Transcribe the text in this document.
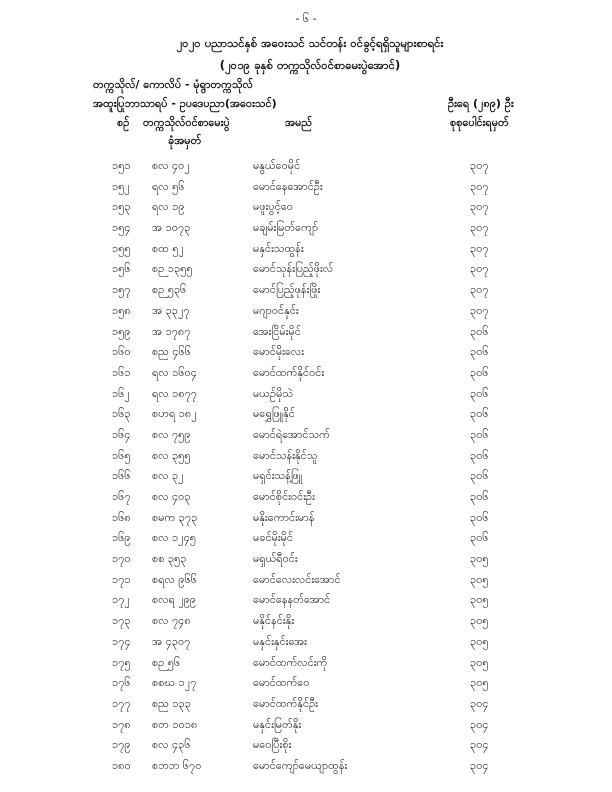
- ၆ -
၂၀၂၀ ပညာသင်နှစ် အဝေးသင် သင်တန်း ဝင်ခွင့်ရရှိသူများစာရင်း
(၂၀၁၉ ခုနှစ် တက္ကသိုလ်ဝင်စာမေးပွဲအောင်)
တက္ကသိုလ်/ ကောလိပ် - မုံရွာတက္ကသိုလ်
အထူးပြုဘာသာရပ် - ဥပဒေပညာ(အဝေးသင်)	ဦးရေ (၂၈၉) ဦး
စဉ် တက္ကသိုလ်ဝင်စာမေးပွဲ
ခုံအမှတ်
အမည်	စုစုပေါင်းရမှတ်
၁၅၁ စလ ၄၀၂	မနွယ်ဝေမိုင်	၃၀၇
၁၅၂ ရလ ၅၆	မောင်နေအောင်ဦး	၃၀၇
၁၅၃ ရလ ၁၉	မဖူးပွင့်ဝေ	၃၀၇
၁၅၄ အ ၁၀၇၃	မချမ်းမြတ်ကျော်	၃၀၇
၁၅၅ စထ ၅၂	မနှင်းသထွန်း	၃၀၇
၁၅၆ စဉ ၁၃၅၅	မောင်သုန်းပြည့်ဖိုးလ်	၃၀၇
၁၅၇ စဉ ၅၃၆	မောင်ပြည့်ဖုန်းဖြိုး	၃၀၇
၁၅၈ အ ၃၃၂၇	မဂျာဝင်နှင်း	၃၀၇
၁၅၉ အ ၁၇၈၇	အေးငြိမ်းမိုင်	၃၀၆
၁၆၀ စည ၄၆၆	မောင်မိုးလေး	၃၀၆
၁၆၁ ရလ ၁၆၀၄	မောင်ထက်နိုင်ဝင်း	၃၀၆
၁၆၂ ရလ ၁၈၇၇	မယဉ်မိုသဲ	၃၀၆
၁၆၃ စဟရ ၁၈၂	မရွှေဖြူနိုင်	၃၀၆
၁၆၄ စလ ၇၅၉	မောင်ရဲအောင်သက်	၃၀၆
၁၆၅ စလ ၃၅၅	မောင်သန်းနိုင်သူ	၃၀၆
၁၆၆ စလ ၃၂	မရှင်းသန့်ဖြူ	၃၀၆
၁၆၇ စလ ၄၀၃	မောင်စိုင်းဝင်းဦး	၃၀၆
၁၆၈ စမက ၃၇၃	မနိုးကောင်းမာန်	၃၀၆
၁၆၉ စလ ၁၂၄၅	မခင်မိုးမိုင်	၃၀၆
၁၇၀ စစ ၃၅၃	မရှယ်ရီဝင်း	၃၀၅
၁၇၁ စရလ ၉၆၆	မောင်လေးလင်းအောင်	၃၀၅
၁၇၂ စလရ ၂၉၉	မောင်နေနတ်အောင်	၃၀၅
၁၇၃ စလ ၇၄၈	မနိုင်နင်းနိုး	၃၀၅
၁၇၄ အ ၄၃၀၇	မနှင်းနှင်းအေး	၃၀၅
၁၇၅ စဉ ၅၆	မောင်ထက်လင်းကို	၃၀၅
၁၇၆ စစဃ ၁၂၇	မောင်ထက်ဝေ	၃၀၅
၁၇၇ စည ၁၃၃	မောင်ထက်နိုင်ဦး	၃၀၄
၁၇၈ စတ ၁၀၁၈	မနှင်းမြတ်နိုး	၃၀၄
၁၇၉ စလ ၄၃၆	မဝေပြီးစိုး	၃၀၄
၁၈၀ စဘဘ ၆၇၀	မောင်ကျော်မေယျာထွန်း	၃၀၄
